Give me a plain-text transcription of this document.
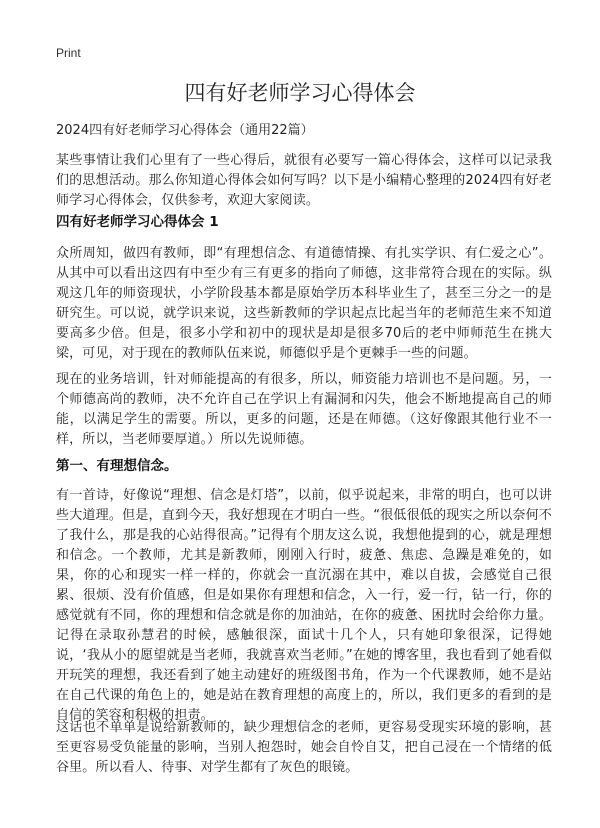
Print
四有好老师学习心得体会
2024四有好老师学习心得体会（通用22篇）
某些事情让我们心里有了一些心得后，就很有必要写一篇心得体会，这样可以记录我们的思想活动。那么你知道心得体会如何写吗？以下是小编精心整理的2024四有好老师学习心得体会，仅供参考，欢迎大家阅读。
四有好老师学习心得体会 1
众所周知，做四有教师，即“有理想信念、有道德情操、有扎实学识、有仁爱之心”。从其中可以看出这四有中至少有三有更多的指向了师德，这非常符合现在的实际。纵观这几年的师资现状，小学阶段基本都是原始学历本科毕业生了，甚至三分之一的是研究生。可以说，就学识来说，这些新教师的学识起点比起当年的老师范生来不知道要高多少倍。但是，很多小学和初中的现状是却是很多70后的老中师师范生在挑大梁，可见，对于现在的教师队伍来说，师德似乎是个更棘手一些的问题。
现在的业务培训，针对师能提高的有很多，所以，师资能力培训也不是问题。另，一个师德高尚的教师，决不允许自己在学识上有漏洞和闪失，他会不断地提高自己的师能，以满足学生的需要。所以，更多的问题，还是在师德。（这好像跟其他行业不一样，所以，当老师要厚道。）所以先说师德。
第一、有理想信念。
有一首诗，好像说“理想、信念是灯塔”，以前，似乎说起来，非常的明白，也可以讲些大道理。但是，直到今天，我好想现在才明白一些。“很低很低的现实之所以奈何不了我什么，那是我的心站得很高。”记得有个朋友这么说，我想他提到的心，就是理想和信念。一个教师，尤其是新教师，刚刚入行时，疲惫、焦虑、急躁是难免的，如果，你的心和现实一样一样的，你就会一直沉溺在其中，难以自拔，会感觉自己很累、很烦、没有价值感，但是如果你有理想和信念，入一行，爱一行，钻一行，你的感觉就有不同，你的理想和信念就是你的加油站，在你的疲惫、困扰时会给你力量。记得在录取孙慧君的时候，感触很深，面试十几个人，只有她印象很深，记得她说，‘我从小的愿望就是当老师，我就喜欢当老师。”在她的博客里，我也看到了她看似开玩笑的理想，我还看到了她主动建好的班级图书角，作为一个代课教师，她不是站在自己代课的角色上的，她是站在教育理想的高度上的，所以，我们更多的看到的是自信的笑容和积极的担责。
这话也不单单是说给新教师的，缺少理想信念的老师，更容易受现实环境的影响，甚至更容易受负能量的影响，当别人抱怨时，她会自怜自艾，把自己浸在一个情绪的低谷里。所以看人、待事、对学生都有了灰色的眼镜。
